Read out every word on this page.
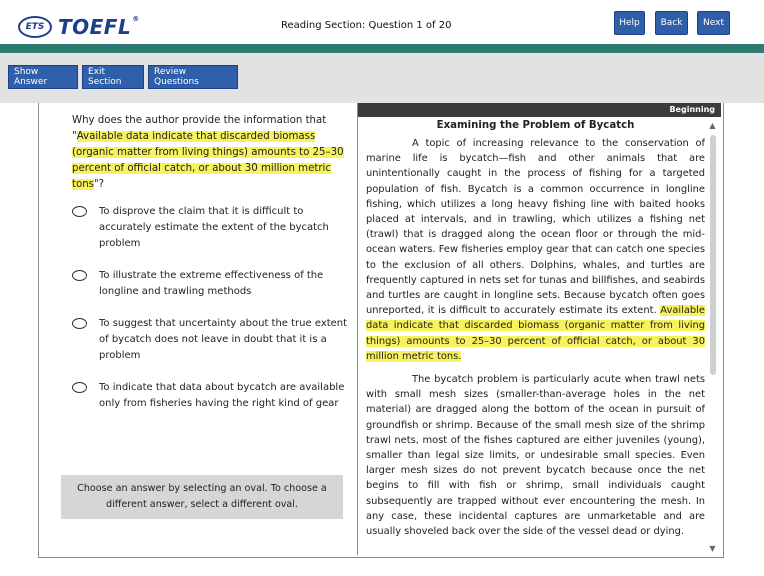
ETS TOEFL®
Reading Section: Question 1 of 20	Help	Back	Next
Show Answer
Exit Section
Review Questions
Why does the author provide the information that "Available data indicate that discarded biomass (organic matter from living things) amounts to 25–30 percent of official catch, or about 30 million metric tons"?
To disprove the claim that it is difficult to accurately estimate the extent of the bycatch problem
To illustrate the extreme effectiveness of the longline and trawling methods
To suggest that uncertainty about the true extent of bycatch does not leave in doubt that it is a problem
To indicate that data about bycatch are available only from fisheries having the right kind of gear
Choose an answer by selecting an oval. To choose a different answer, select a different oval.
Beginning
Examining the Problem of Bycatch

A topic of increasing relevance to the conservation of marine life is bycatch—fish and other animals that are unintentionally caught in the process of fishing for a targeted population of fish. Bycatch is a common occurrence in longline fishing, which utilizes a long heavy fishing line with baited hooks placed at intervals, and in trawling, which utilizes a fishing net (trawl) that is dragged along the ocean floor or through the mid-ocean waters. Few fisheries employ gear that can catch one species to the exclusion of all others. Dolphins, whales, and turtles are frequently captured in nets set for tunas and billfishes, and seabirds and turtles are caught in longline sets. Because bycatch often goes unreported, it is difficult to accurately estimate its extent. Available data indicate that discarded biomass (organic matter from living things) amounts to 25–30 percent of official catch, or about 30 million metric tons.

The bycatch problem is particularly acute when trawl nets with small mesh sizes (smaller-than-average holes in the net material) are dragged along the bottom of the ocean in pursuit of groundfish or shrimp. Because of the small mesh size of the shrimp trawl nets, most of the fishes captured are either juveniles (young), smaller than legal size limits, or undesirable small species. Even larger mesh sizes do not prevent bycatch because once the net begins to fill with fish or shrimp, small individuals caught subsequently are trapped without ever encountering the mesh. In any case, these incidental captures are unmarketable and are usually shoveled back over the side of the vessel dead or dying.

▲
▼
